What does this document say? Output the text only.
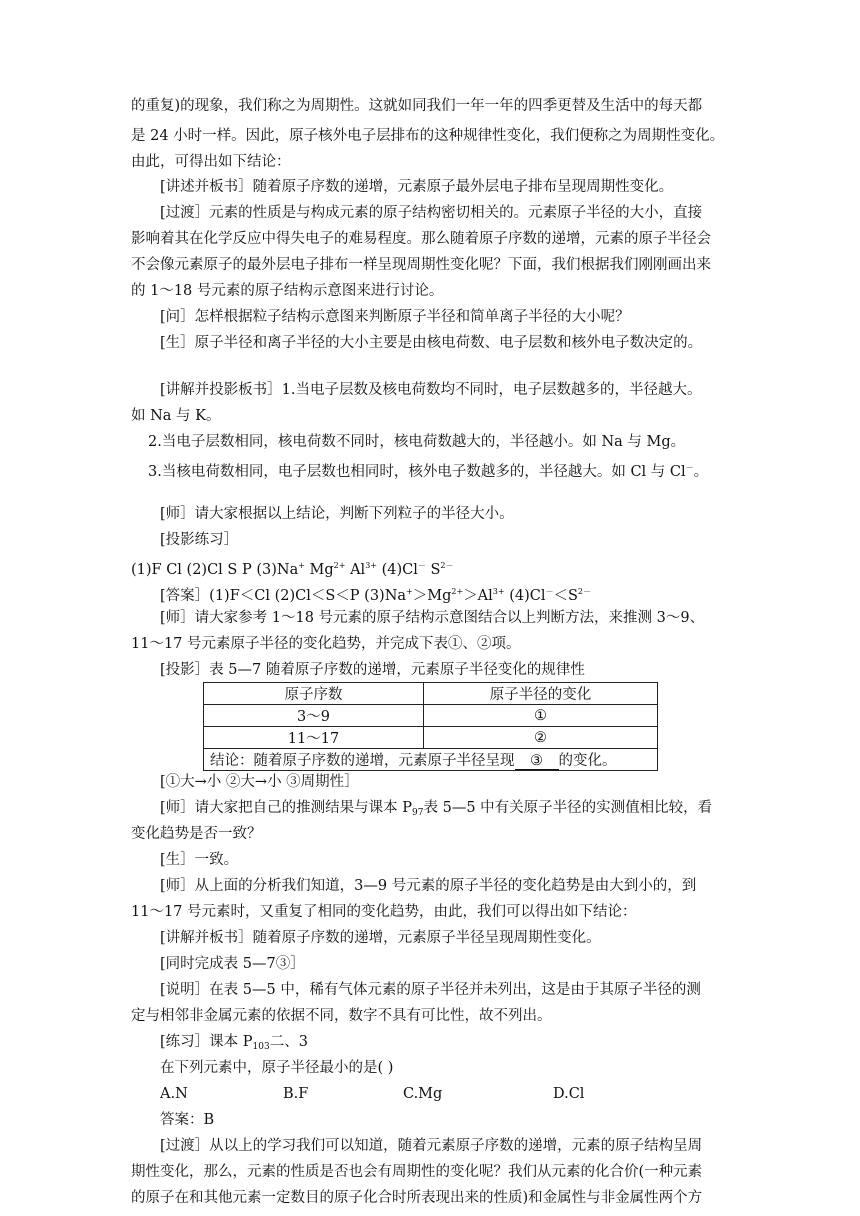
的重复)的现象，我们称之为周期性。这就如同我们一年一年的四季更替及生活中的每天都
是 24 小时一样。因此，原子核外电子层排布的这种规律性变化，我们便称之为周期性变化。
由此，可得出如下结论：
[讲述并板书］随着原子序数的递增，元素原子最外层电子排布呈现周期性变化。
[过渡］元素的性质是与构成元素的原子结构密切相关的。元素原子半径的大小，直接
影响着其在化学反应中得失电子的难易程度。那么随着原子序数的递增，元素的原子半径会
不会像元素原子的最外层电子排布一样呈现周期性变化呢？下面，我们根据我们刚刚画出来
的 1～18 号元素的原子结构示意图来进行讨论。
[问］怎样根据粒子结构示意图来判断原子半径和简单离子半径的大小呢？
[生］原子半径和离子半径的大小主要是由核电荷数、电子层数和核外电子数决定的。
[讲解并投影板书］1.当电子层数及核电荷数均不同时，电子层数越多的，半径越大。
如 Na 与 K。
2.当电子层数相同，核电荷数不同时，核电荷数越大的，半径越小。如 Na 与 Mg。
3.当核电荷数相同，电子层数也相同时，核外电子数越多的，半径越大。如 Cl 与 Cl－。
[师］请大家根据以上结论，判断下列粒子的半径大小。
[投影练习］
(1)F Cl (2)Cl S P (3)Na+ $Mg^{2+}$ $Al^{3+}$ (4)Cl－ $S^{2-}$
[答案］(1)F＜Cl (2)Cl＜S＜P $(3)Na^+>Mg^{2+}>Al^{3+}$ $(4)Cl^-<S^{2-}$
[师］请大家参考 1～18 号元素的原子结构示意图结合以上判断方法，来推测 3～9、
11～17 号元素原子半径的变化趋势，并完成下表①、②项。
[投影］表 5—7 随着原子序数的递增，元素原子半径变化的规律性
原子序数	原子半径的变化
3～9	①
11～17	②
结论：随着原子序数的递增，元素原子半径呈现 ③ 的变化。	
[①大→小 ②大→小 ③周期性］
[师］请大家把自己的推测结果与课本 $P_{97}$表 5—5 中有关原子半径的实测值相比较，看
变化趋势是否一致？
[生］一致。
[师］从上面的分析我们知道，3—9 号元素的原子半径的变化趋势是由大到小的，到
11～17 号元素时，又重复了相同的变化趋势，由此，我们可以得出如下结论：
[讲解并板书］随着原子序数的递增，元素原子半径呈现周期性变化。
[同时完成表 5—7③］
[说明］在表 5—5 中，稀有气体元素的原子半径并未列出，这是由于其原子半径的测
定与相邻非金属元素的依据不同，数字不具有可比性，故不列出。
[练习］课本 $P_{103}$二、3
在下列元素中，原子半径最小的是( )
A.N	B.F	C.Mg	D.Cl
答案：B
[过渡］从以上的学习我们可以知道，随着元素原子序数的递增，元素的原子结构呈周
期性变化，那么，元素的性质是否也会有周期性的变化呢？我们从元素的化合价(一种元素
的原子在和其他元素一定数目的原子化合时所表现出来的性质)和金属性与非金属性两个方
